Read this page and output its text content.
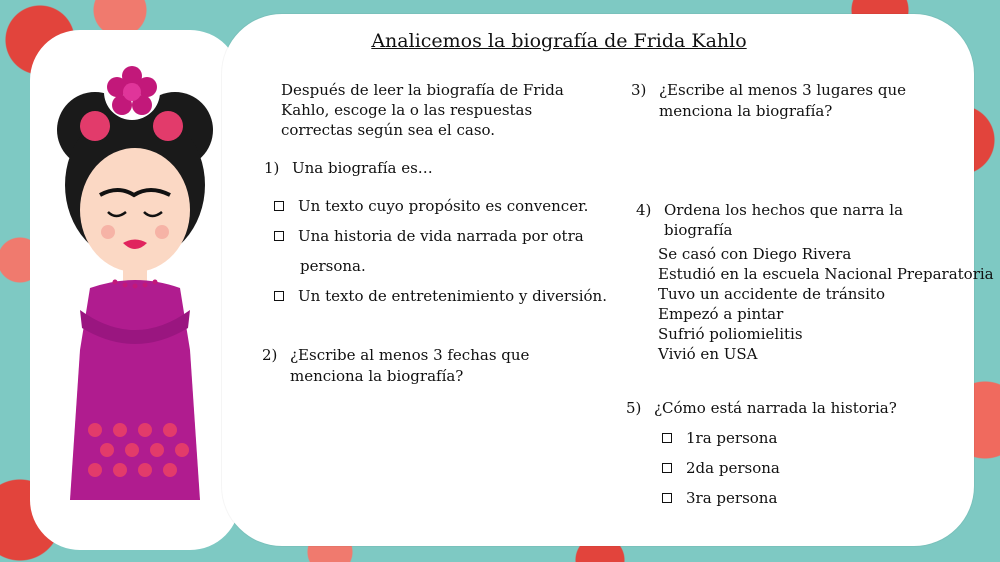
Analicemos la biografía de Frida Kahlo
Después de leer la biografía de Frida
Kahlo, escoge la o las respuestas
correctas según sea el caso.
1) Una biografía es…
Un texto cuyo propósito es convencer.
Una historia de vida narrada por otra
persona.
Un texto de entretenimiento y diversión.
2) ¿Escribe al menos 3 fechas que
menciona la biografía?
3) ¿Escribe al menos 3 lugares que
menciona la biografía?
4) Ordena los hechos que narra la
biografía
Se casó con Diego Rivera
Estudió en la escuela Nacional Preparatoria
Tuvo un accidente de tránsito
Empezó a pintar
Sufrió poliomielitis
Vivió en USA
5) ¿Cómo está narrada la historia?
1ra persona
2da persona
3ra persona
